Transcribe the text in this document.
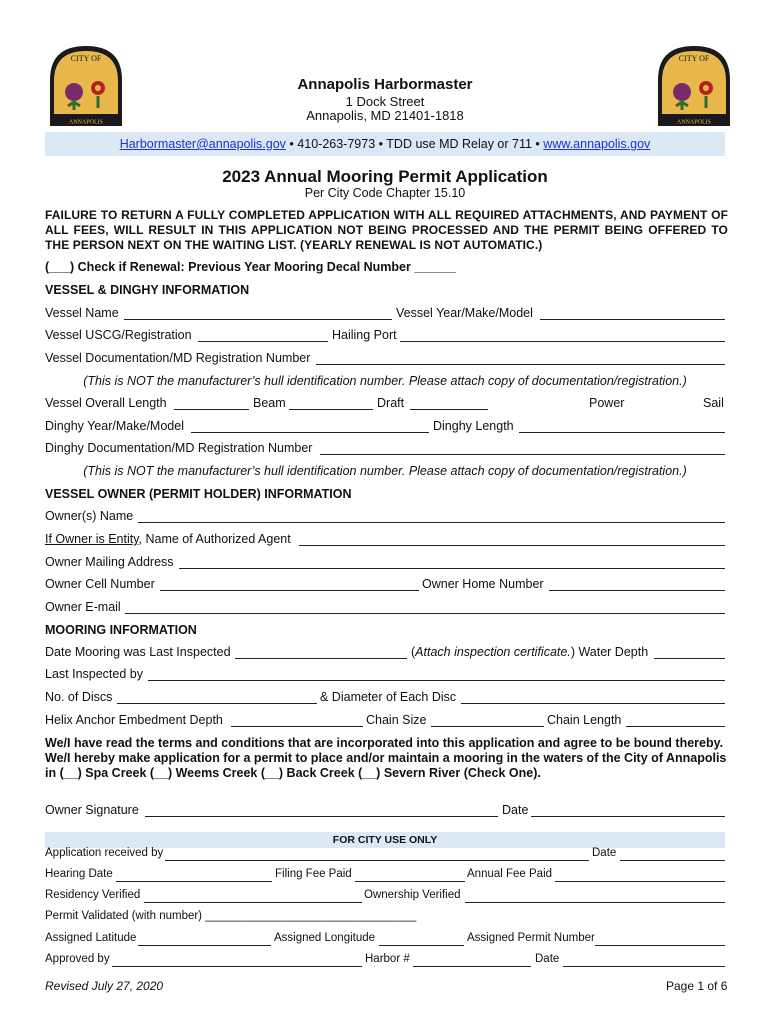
CITY OF
ANNAPOLIS
CITY OF
ANNAPOLIS
Annapolis Harbormaster
1 Dock Street
Annapolis, MD 21401-1818
Harbormaster@annapolis.gov • 410-263-7973 • TDD use MD Relay or 711 • www.annapolis.gov
2023 Annual Mooring Permit Application
Per City Code Chapter 15.10
FAILURE TO RETURN A FULLY COMPLETED APPLICATION WITH ALL REQUIRED ATTACHMENTS, AND PAYMENT OF ALL FEES, WILL RESULT IN THIS APPLICATION NOT BEING PROCESSED AND THE PERMIT BEING OFFERED TO THE PERSON NEXT ON THE WAITING LIST. (YEARLY RENEWAL IS NOT AUTOMATIC.)
(___) Check if Renewal: Previous Year Mooring Decal Number ______
VESSEL & DINGHY INFORMATION
Vessel Name	Vessel Year/Make/Model
Vessel USCG/Registration	Hailing Port
Vessel Documentation/MD Registration Number
(This is NOT the manufacturer’s hull identification number. Please attach copy of documentation/registration.)
Vessel Overall Length	Beam	Draft	Power	Sail
Dinghy Year/Make/Model	Dinghy Length
Dinghy Documentation/MD Registration Number
(This is NOT the manufacturer’s hull identification number. Please attach copy of documentation/registration.)
VESSEL OWNER (PERMIT HOLDER) INFORMATION
Owner(s) Name
If Owner is Entity, Name of Authorized Agent
Owner Mailing Address
Owner Cell Number	Owner Home Number
Owner E-mail
MOORING INFORMATION
Date Mooring was Last Inspected	(Attach inspection certificate.) Water Depth
Last Inspected by
No. of Discs	& Diameter of Each Disc
Helix Anchor Embedment Depth	Chain Size	Chain Length
We/I have read the terms and conditions that are incorporated into this application and agree to be bound thereby.
We/I hereby make application for a permit to place and/or maintain a mooring in the waters of the City of Annapolis
in (__) Spa Creek (__) Weems Creek (__) Back Creek (__) Severn River (Check One).
Owner Signature	Date
FOR CITY USE ONLY
Application received by	Date
Hearing Date	Filing Fee Paid	Annual Fee Paid
Residency Verified	Ownership Verified
Permit Validated (with number) _________________________________
Assigned Latitude	Assigned Longitude	Assigned Permit Number
Approved by	Harbor #	Date
Revised July 27, 2020	Page 1 of 6
